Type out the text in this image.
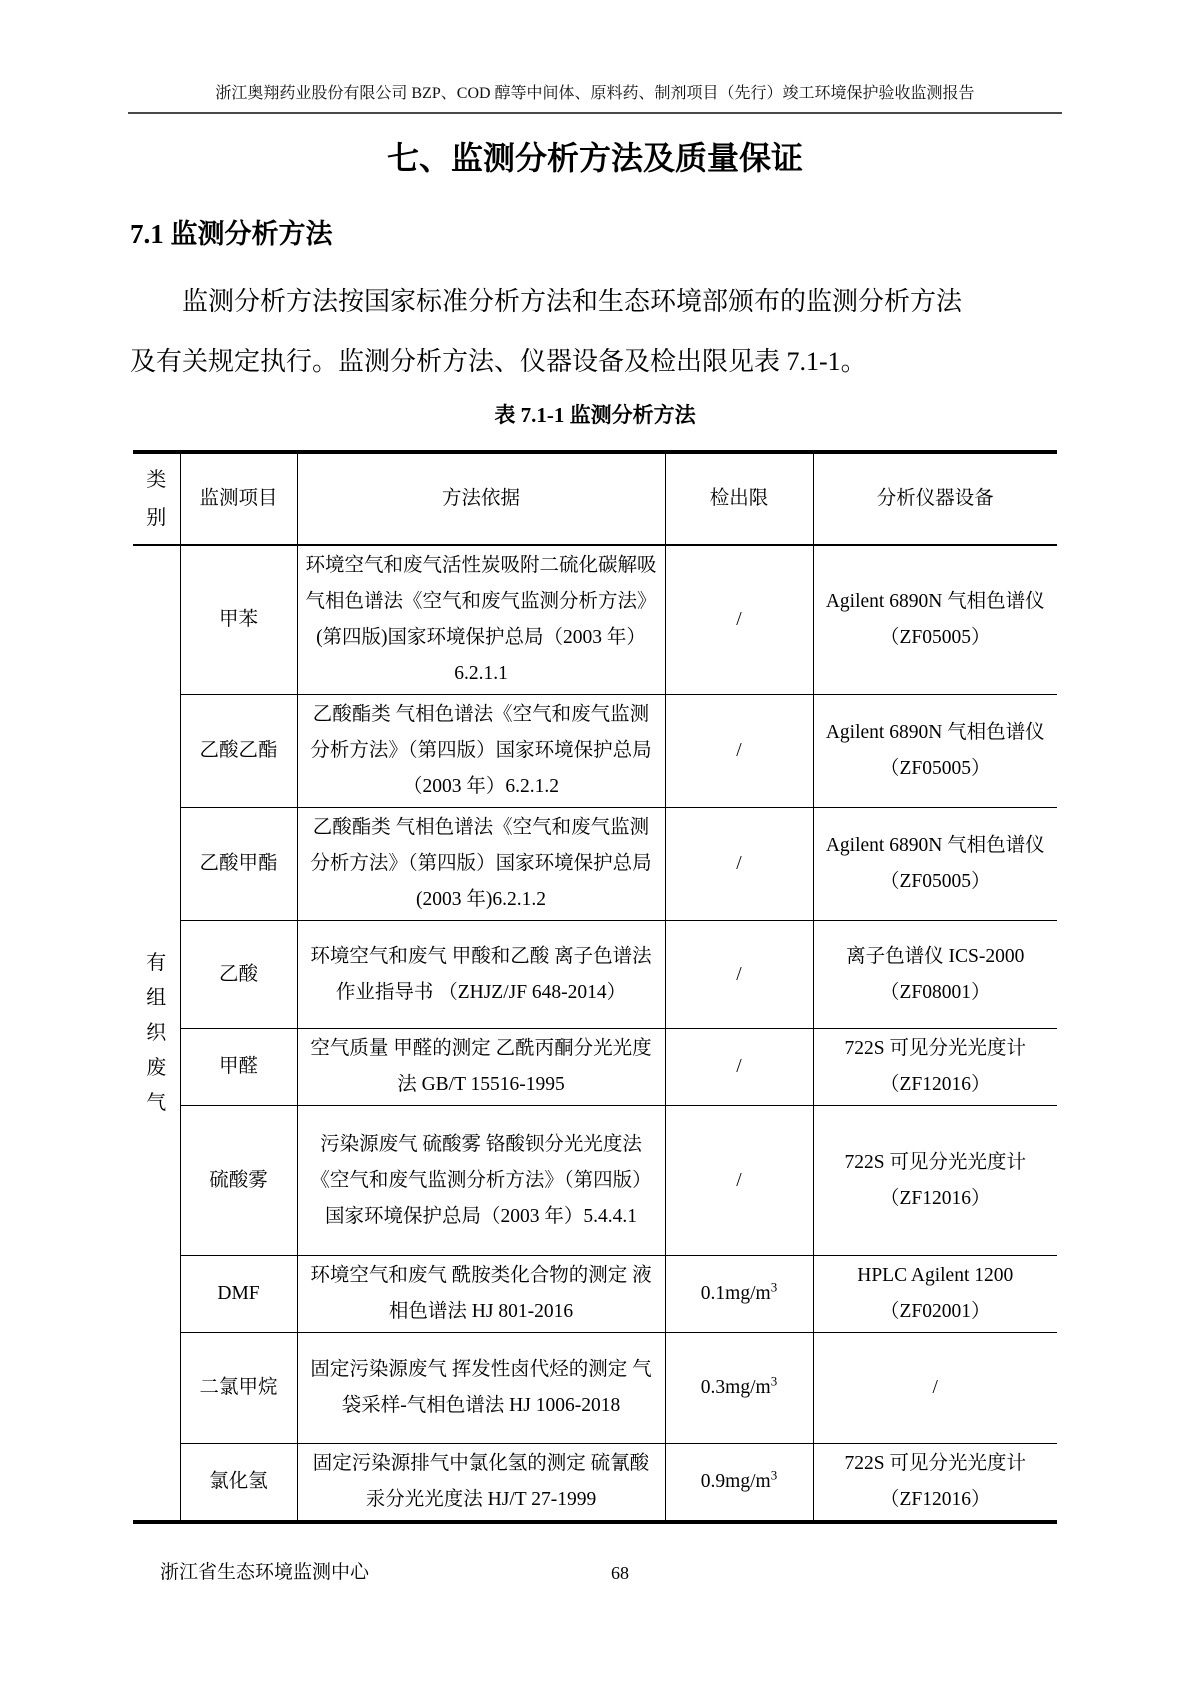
浙江奥翔药业股份有限公司 BZP、COD 醇等中间体、原料药、制剂项目（先行）竣工环境保护验收监测报告
七、监测分析方法及质量保证
7.1 监测分析方法
监测分析方法按国家标准分析方法和生态环境部颁布的监测分析方法
及有关规定执行。监测分析方法、仪器设备及检出限见表 7.1-1。
表 7.1-1 监测分析方法
类别	监测项目	方法依据	检出限	分析仪器设备

有组织废气	甲苯	环境空气和废气活性炭吸附二硫化碳解吸气相色谱法《空气和废气监测分析方法》 (第四版)国家环境保护总局（2003 年）6.2.1.1	/	Agilent 6890N 气相色谱仪（ZF05005）
	乙酸乙酯	乙酸酯类 气相色谱法《空气和废气监测分析方法》（第四版）国家环境保护总局（2003 年）6.2.1.2	/	Agilent 6890N 气相色谱仪（ZF05005）
	乙酸甲酯	乙酸酯类 气相色谱法《空气和废气监测分析方法》（第四版）国家环境保护总局(2003 年)6.2.1.2	/	Agilent 6890N 气相色谱仪（ZF05005）
	乙酸	环境空气和废气 甲酸和乙酸 离子色谱法 作业指导书 （ZHJZ/JF 648-2014）	/	离子色谱仪 ICS-2000（ZF08001）
	甲醛	空气质量 甲醛的测定 乙酰丙酮分光光度法 GB/T 15516-1995	/	722S 可见分光光度计（ZF12016）
	硫酸雾	污染源废气 硫酸雾 铬酸钡分光光度法《空气和废气监测分析方法》（第四版）国家环境保护总局（2003 年）5.4.4.1	/	722S 可见分光光度计（ZF12016）
	DMF	环境空气和废气 酰胺类化合物的测定 液相色谱法 HJ 801-2016	$0.1mg/m^3$	HPLC Agilent 1200（ZF02001）
	二氯甲烷	固定污染源废气 挥发性卤代烃的测定 气袋采样-气相色谱法 HJ 1006-2018	$0.3mg/m^3$	/
	氯化氢	固定污染源排气中氯化氢的测定 硫氰酸汞分光光度法 HJ/T 27-1999	$0.9mg/m^3$	722S 可见分光光度计（ZF12016）
浙江省生态环境监测中心	68
